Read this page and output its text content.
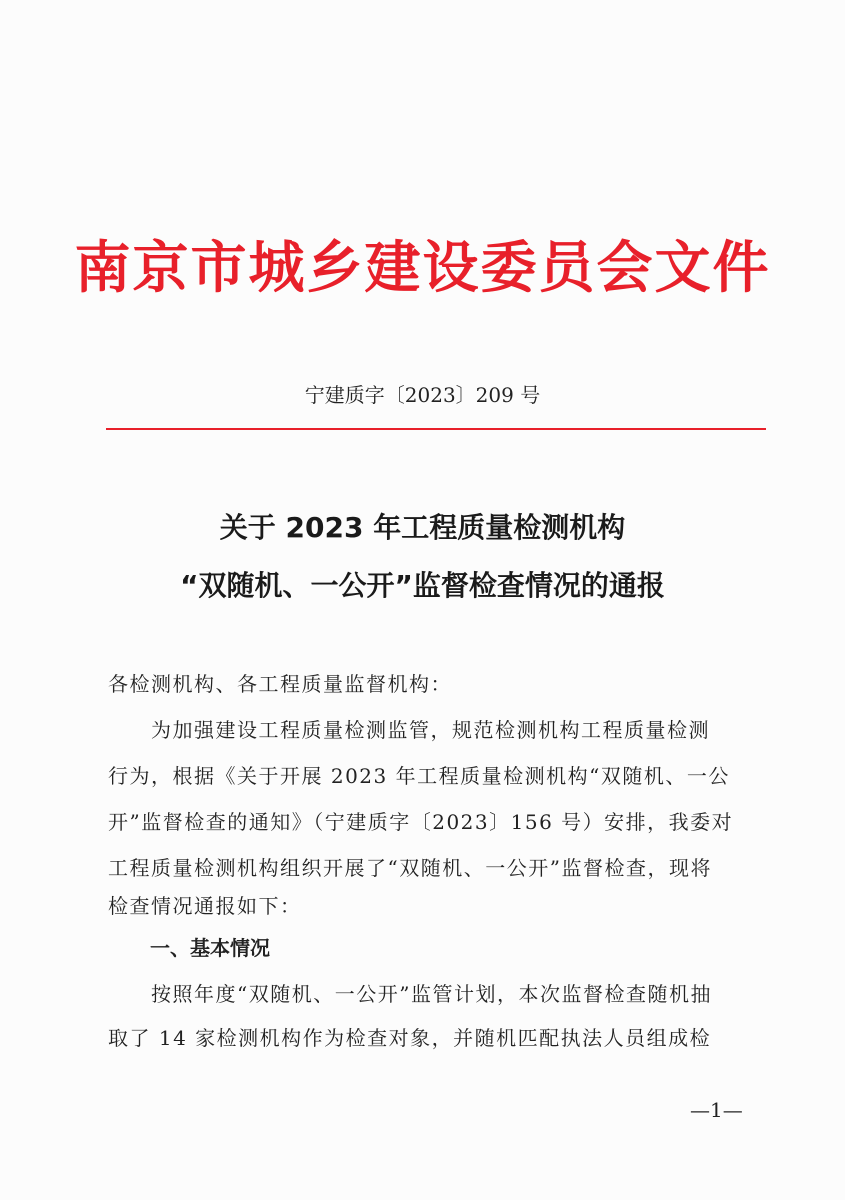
南京市城乡建设委员会文件
宁建质字〔2023〕209 号
关于 2023 年工程质量检测机构
“双随机、一公开”监督检查情况的通报
各检测机构、各工程质量监督机构：
　　为加强建设工程质量检测监管，规范检测机构工程质量检测
行为，根据《关于开展 2023 年工程质量检测机构“双随机、一公
开”监督检查的通知》（宁建质字〔2023〕156 号）安排，我委对
工程质量检测机构组织开展了“双随机、一公开”监督检查，现将
检查情况通报如下：
一、基本情况
　　按照年度“双随机、一公开”监管计划，本次监督检查随机抽
取了 14 家检测机构作为检查对象，并随机匹配执法人员组成检
—1—
